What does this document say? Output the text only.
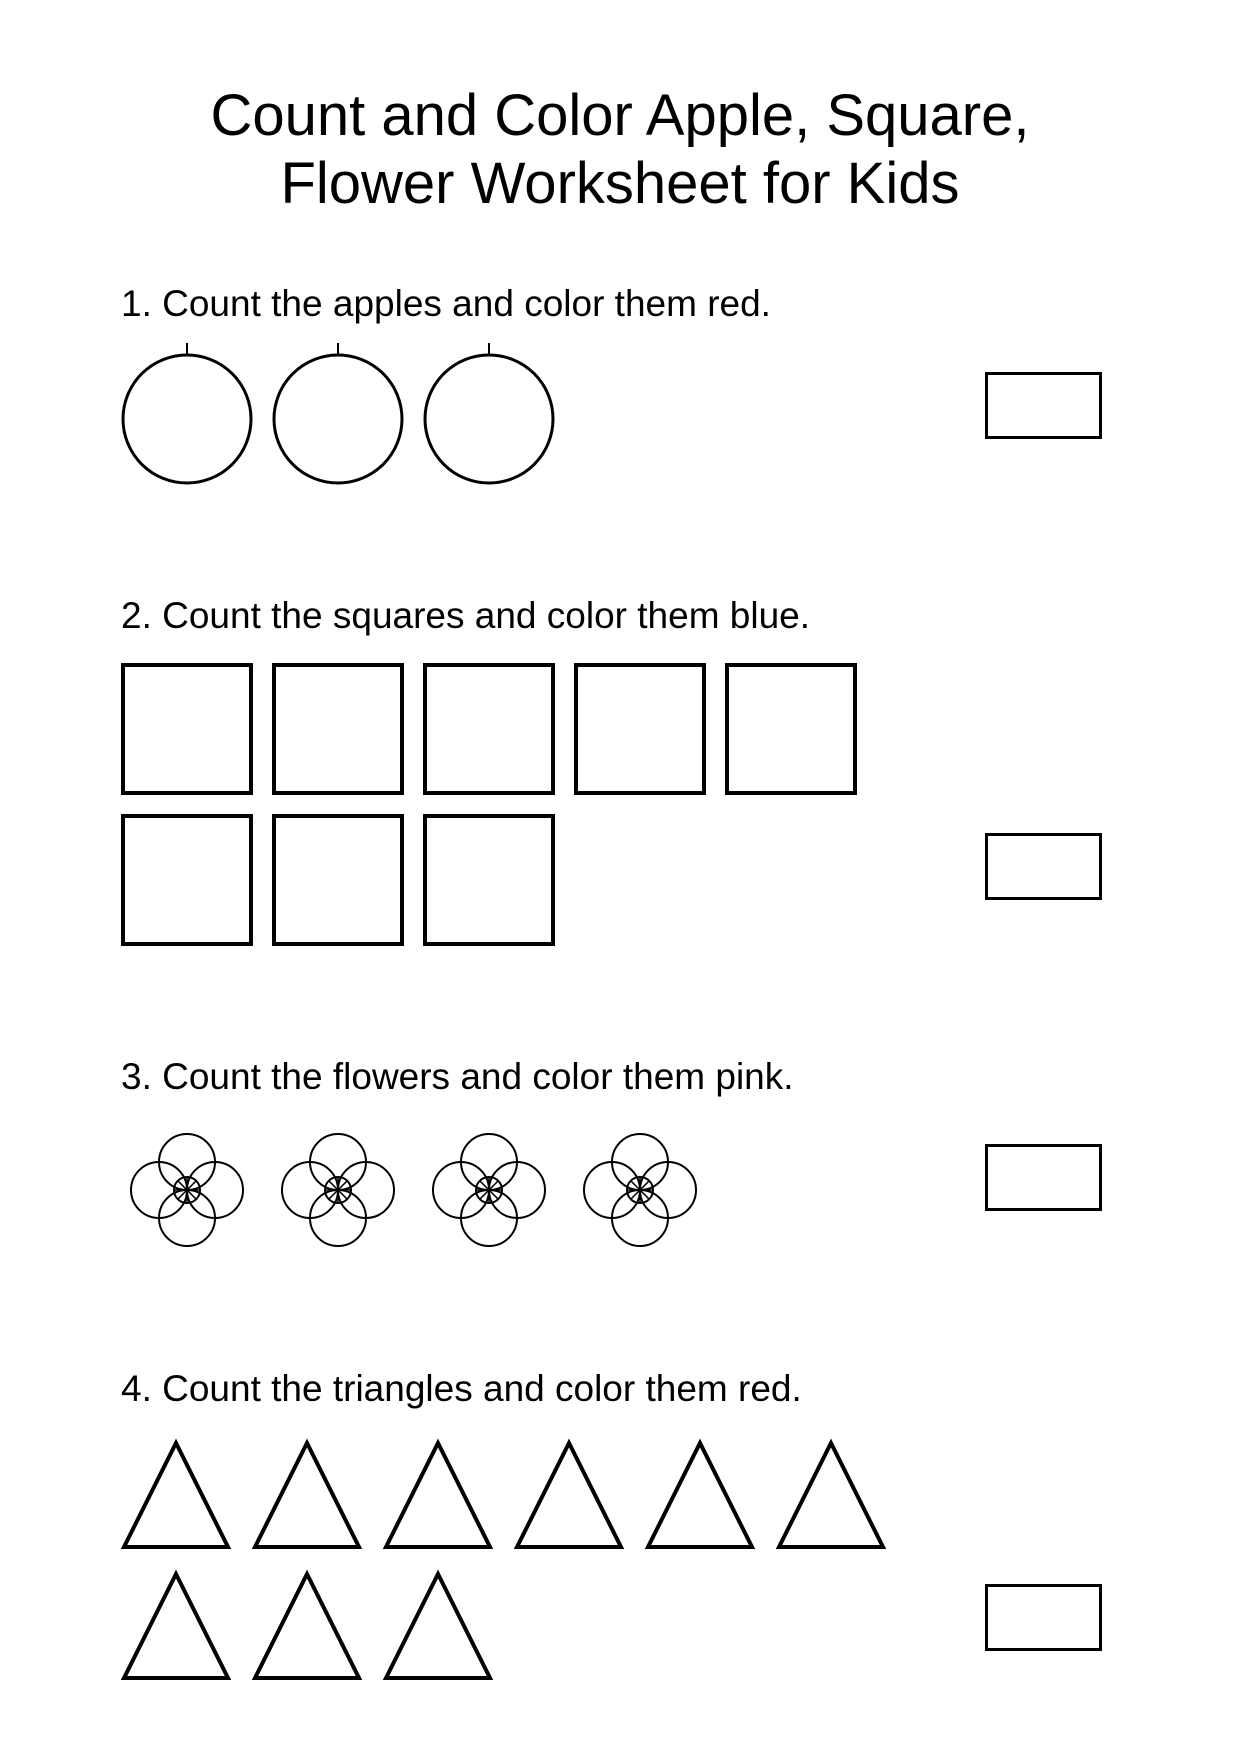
Count and Color Apple, Square,
Flower Worksheet for Kids
1. Count the apples and color them red.
2. Count the squares and color them blue.
3. Count the flowers and color them pink.
4. Count the triangles and color them red.
